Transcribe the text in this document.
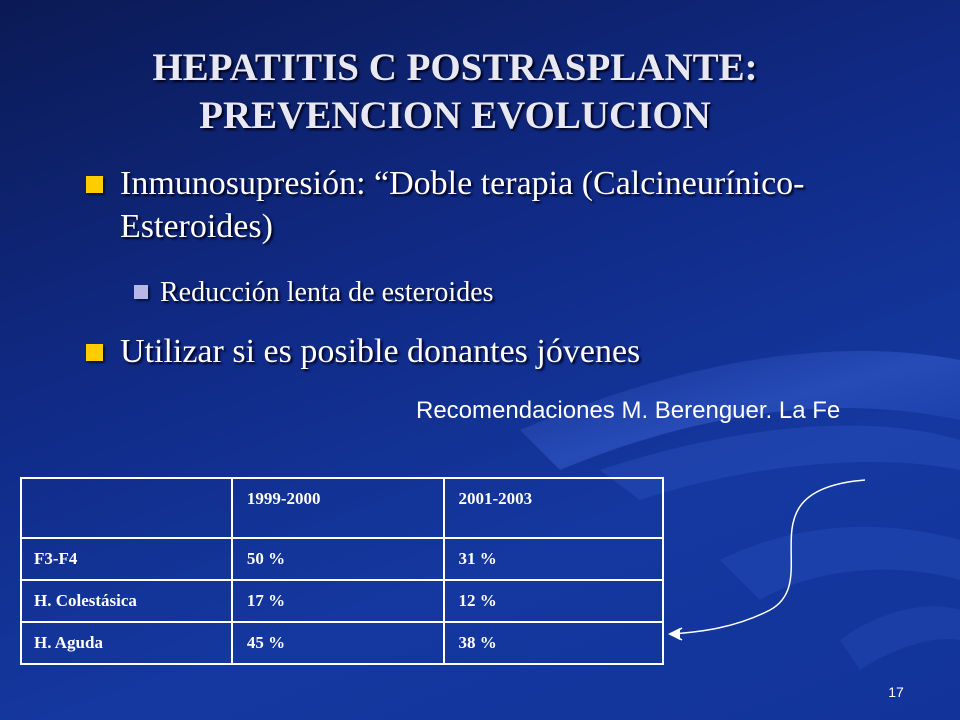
HEPATITIS C POSTRASPLANTE:
PREVENCION EVOLUCION
Inmunosupresión: “Doble terapia (Calcineurínico-Esteroides)
Reducción lenta de esteroides
Utilizar si es posible donantes jóvenes
Recomendaciones M. Berenguer. La Fe
	1999-2000	2001-2003
F3-F4	50 %	31 %
H. Colestásica	17 %	12 %
H. Aguda	45 %	38 %
17
